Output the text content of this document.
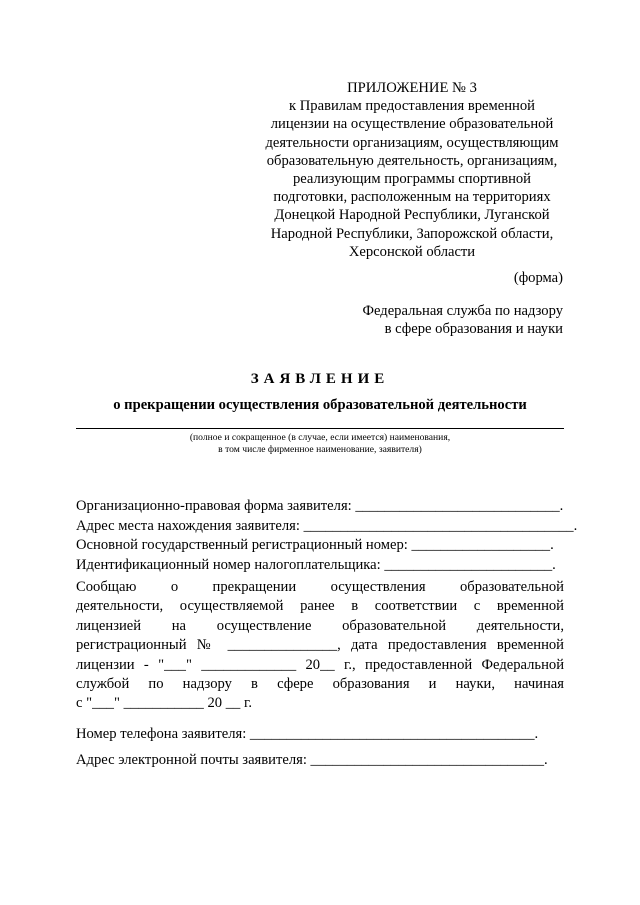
ПРИЛОЖЕНИЕ № 3
к Правилам предоставления временной
лицензии на осуществление образовательной
деятельности организациям, осуществляющим
образовательную деятельность, организациям,
реализующим программы спортивной
подготовки, расположенным на территориях
Донецкой Народной Республики, Луганской
Народной Республики, Запорожской области,
Херсонской области
(форма)
Федеральная служба по надзору
в сфере образования и науки
ЗАЯВЛЕНИЕ
о прекращении осуществления образовательной деятельности
(полное и сокращенное (в случае, если имеется) наименования,
в том числе фирменное наименование, заявителя)
Организационно-правовая форма заявителя: ____________________________.
Адрес места нахождения заявителя: _____________________________________.
Основной государственный регистрационный номер: ___________________.
Идентификационный номер налогоплательщика: _______________________.
Сообщаю о прекращении осуществления образовательной
деятельности, осуществляемой ранее в соответствии с временной
лицензией на осуществление образовательной деятельности,
регистрационный № _______________, дата предоставления временной
лицензии - "___" _____________ 20__ г., предоставленной Федеральной
службой по надзору в сфере образования и науки, начиная
с "___" ___________ 20 __ г.
Номер телефона заявителя: _______________________________________.
Адрес электронной почты заявителя: ________________________________.
